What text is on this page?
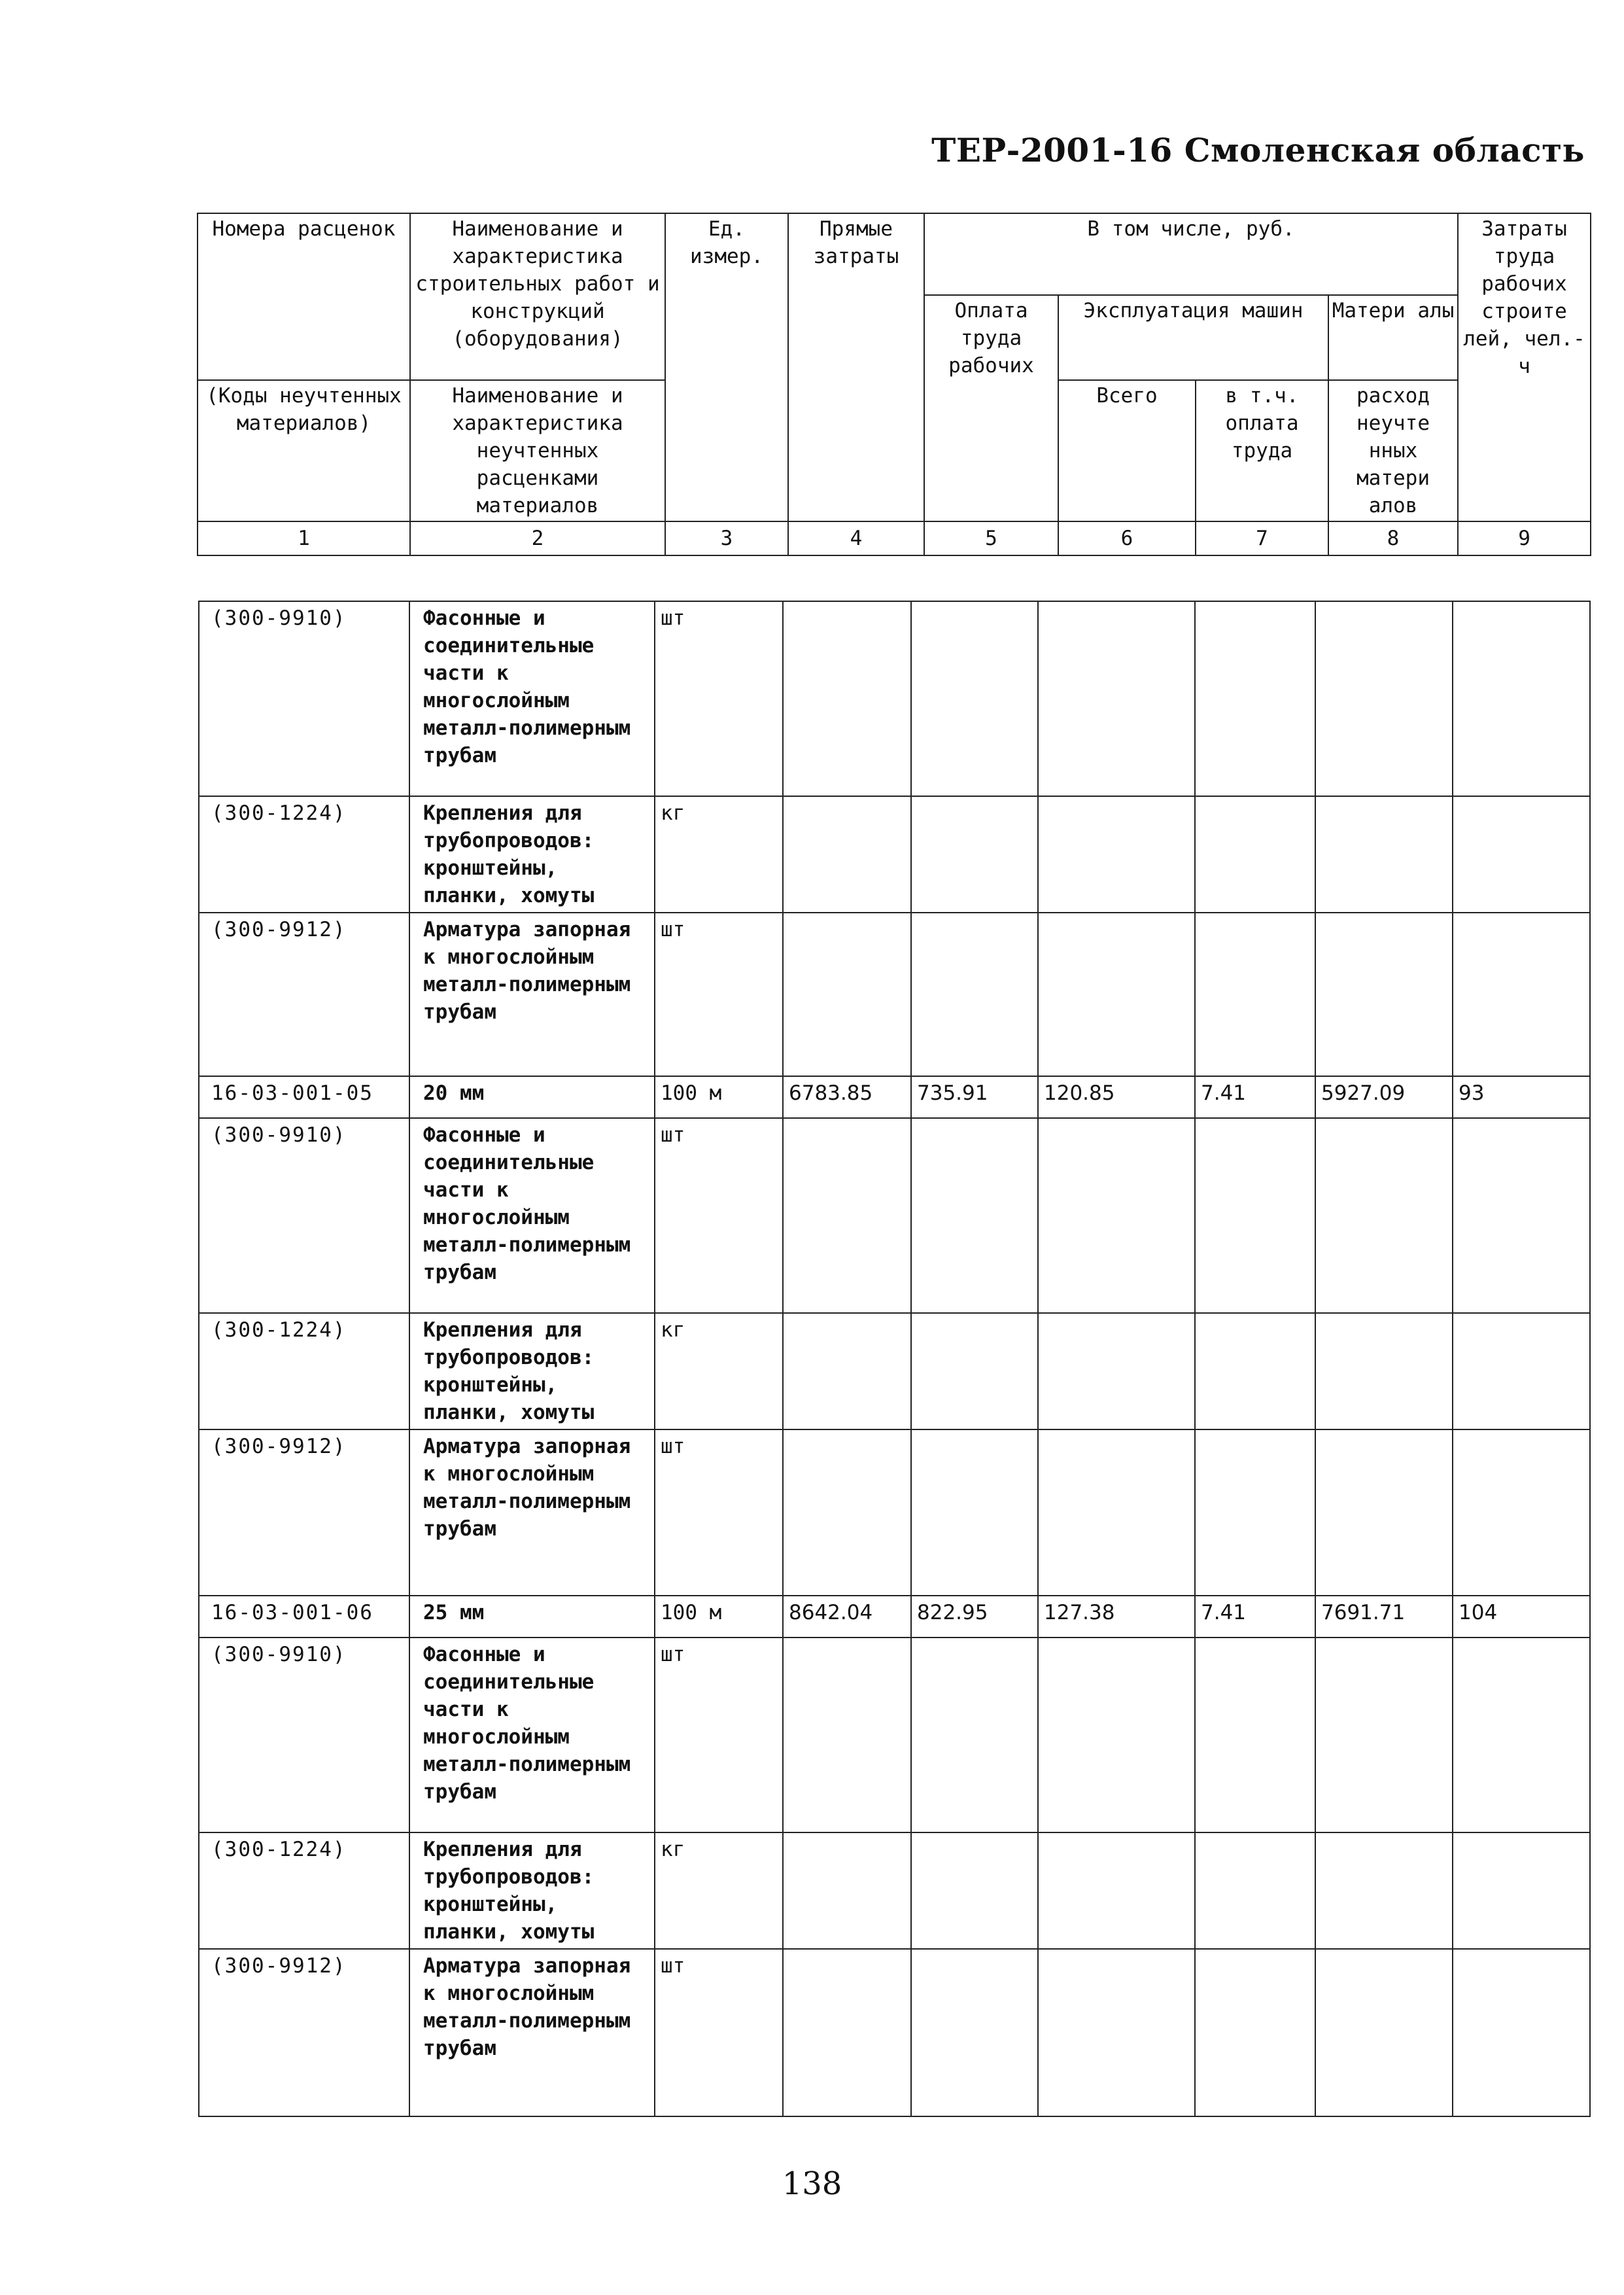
ТЕР-2001-16 Смоленская область
Номера расценок	Наименование и характеристика строительных работ и конструкций (оборудования)	Ед. измер.	Прямые затраты	В том числе, руб.				Затраты труда рабочих строите лей, чел.-ч
				Оплата труда рабочих	Эксплуатация машин		Матери алы	
(Коды неучтенных материалов)	Наименование и характеристика неучтенных расценками материалов				Всего	в т.ч. оплата труда	расход неучте нных матери алов	
1	2	3	4	5	6	7	8	9
(300-9910)	Фасонные и соединительные части к многослойным металл-полимерным трубам	шт						
(300-1224)	Крепления для трубопроводов: кронштейны, планки, хомуты	кг						
(300-9912)	Арматура запорная к многослойным металл-полимерным трубам	шт						
16-03-001-05	20 мм	100 м	6783.85	735.91	120.85	7.41	5927.09	93
(300-9910)	Фасонные и соединительные части к многослойным металл-полимерным трубам	шт						
(300-1224)	Крепления для трубопроводов: кронштейны, планки, хомуты	кг						
(300-9912)	Арматура запорная к многослойным металл-полимерным трубам	шт						
16-03-001-06	25 мм	100 м	8642.04	822.95	127.38	7.41	7691.71	104
(300-9910)	Фасонные и соединительные части к многослойным металл-полимерным трубам	шт						
(300-1224)	Крепления для трубопроводов: кронштейны, планки, хомуты	кг						
(300-9912)	Арматура запорная к многослойным металл-полимерным трубам	шт						
138
